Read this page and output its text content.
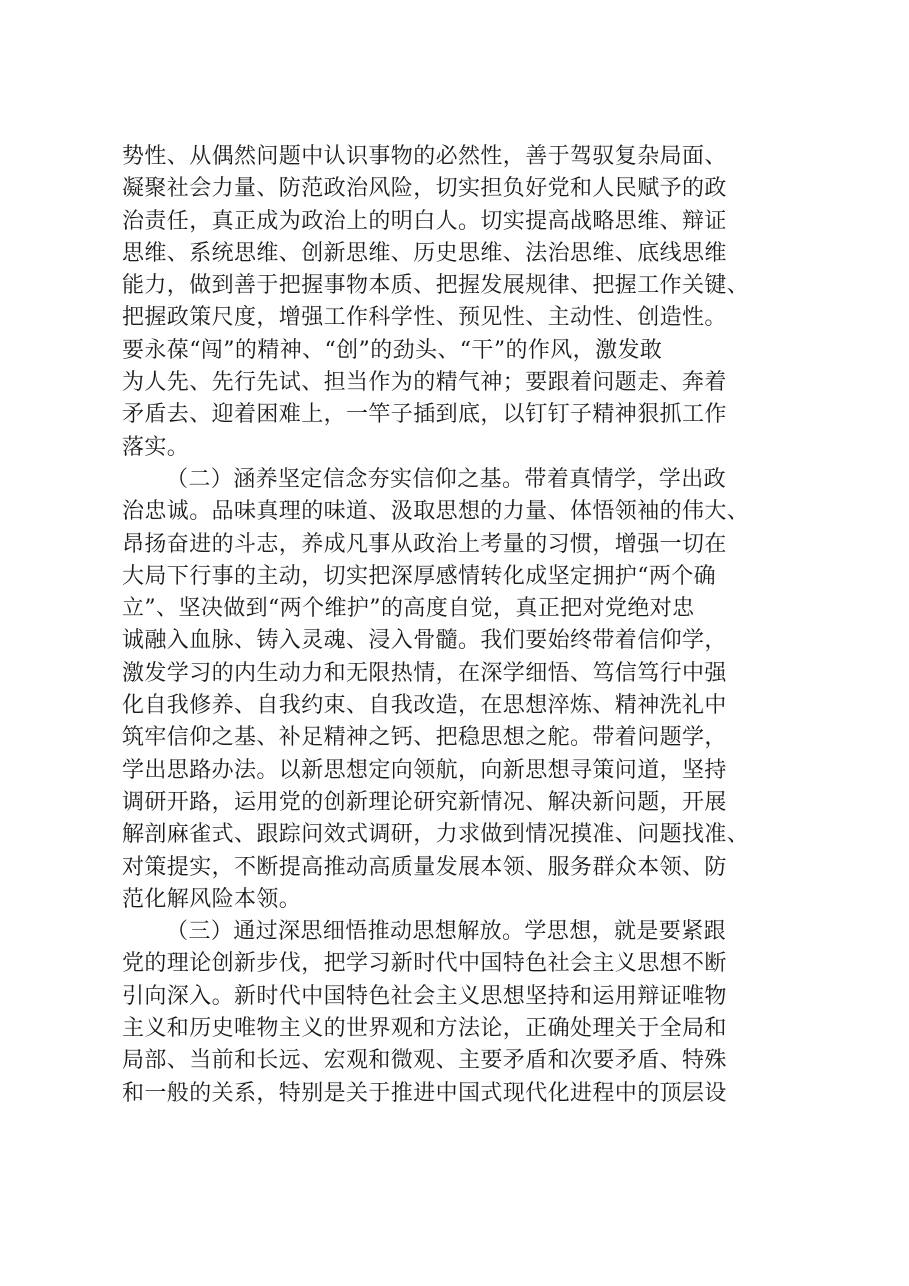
势性、从偶然问题中认识事物的必然性，善于驾驭复杂局面、
凝聚社会力量、防范政治风险，切实担负好党和人民赋予的政
治责任，真正成为政治上的明白人。切实提高战略思维、辩证
思维、系统思维、创新思维、历史思维、法治思维、底线思维
能力，做到善于把握事物本质、把握发展规律、把握工作关键、
把握政策尺度，增强工作科学性、预见性、主动性、创造性。
要永葆“闯”的精神、“创”的劲头、“干”的作风，激发敢
为人先、先行先试、担当作为的精气神；要跟着问题走、奔着
矛盾去、迎着困难上，一竿子插到底，以钉钉子精神狠抓工作
落实。
（二）涵养坚定信念夯实信仰之基。带着真情学，学出政
治忠诚。品味真理的味道、汲取思想的力量、体悟领袖的伟大、
昂扬奋进的斗志，养成凡事从政治上考量的习惯，增强一切在
大局下行事的主动，切实把深厚感情转化成坚定拥护“两个确
立”、坚决做到“两个维护”的高度自觉，真正把对党绝对忠
诚融入血脉、铸入灵魂、浸入骨髓。我们要始终带着信仰学，
激发学习的内生动力和无限热情，在深学细悟、笃信笃行中强
化自我修养、自我约束、自我改造，在思想淬炼、精神洗礼中
筑牢信仰之基、补足精神之钙、把稳思想之舵。带着问题学，
学出思路办法。以新思想定向领航，向新思想寻策问道，坚持
调研开路，运用党的创新理论研究新情况、解决新问题，开展
解剖麻雀式、跟踪问效式调研，力求做到情况摸准、问题找准、
对策提实，不断提高推动高质量发展本领、服务群众本领、防
范化解风险本领。
（三）通过深思细悟推动思想解放。学思想，就是要紧跟
党的理论创新步伐，把学习新时代中国特色社会主义思想不断
引向深入。新时代中国特色社会主义思想坚持和运用辩证唯物
主义和历史唯物主义的世界观和方法论，正确处理关于全局和
局部、当前和长远、宏观和微观、主要矛盾和次要矛盾、特殊
和一般的关系，特别是关于推进中国式现代化进程中的顶层设
